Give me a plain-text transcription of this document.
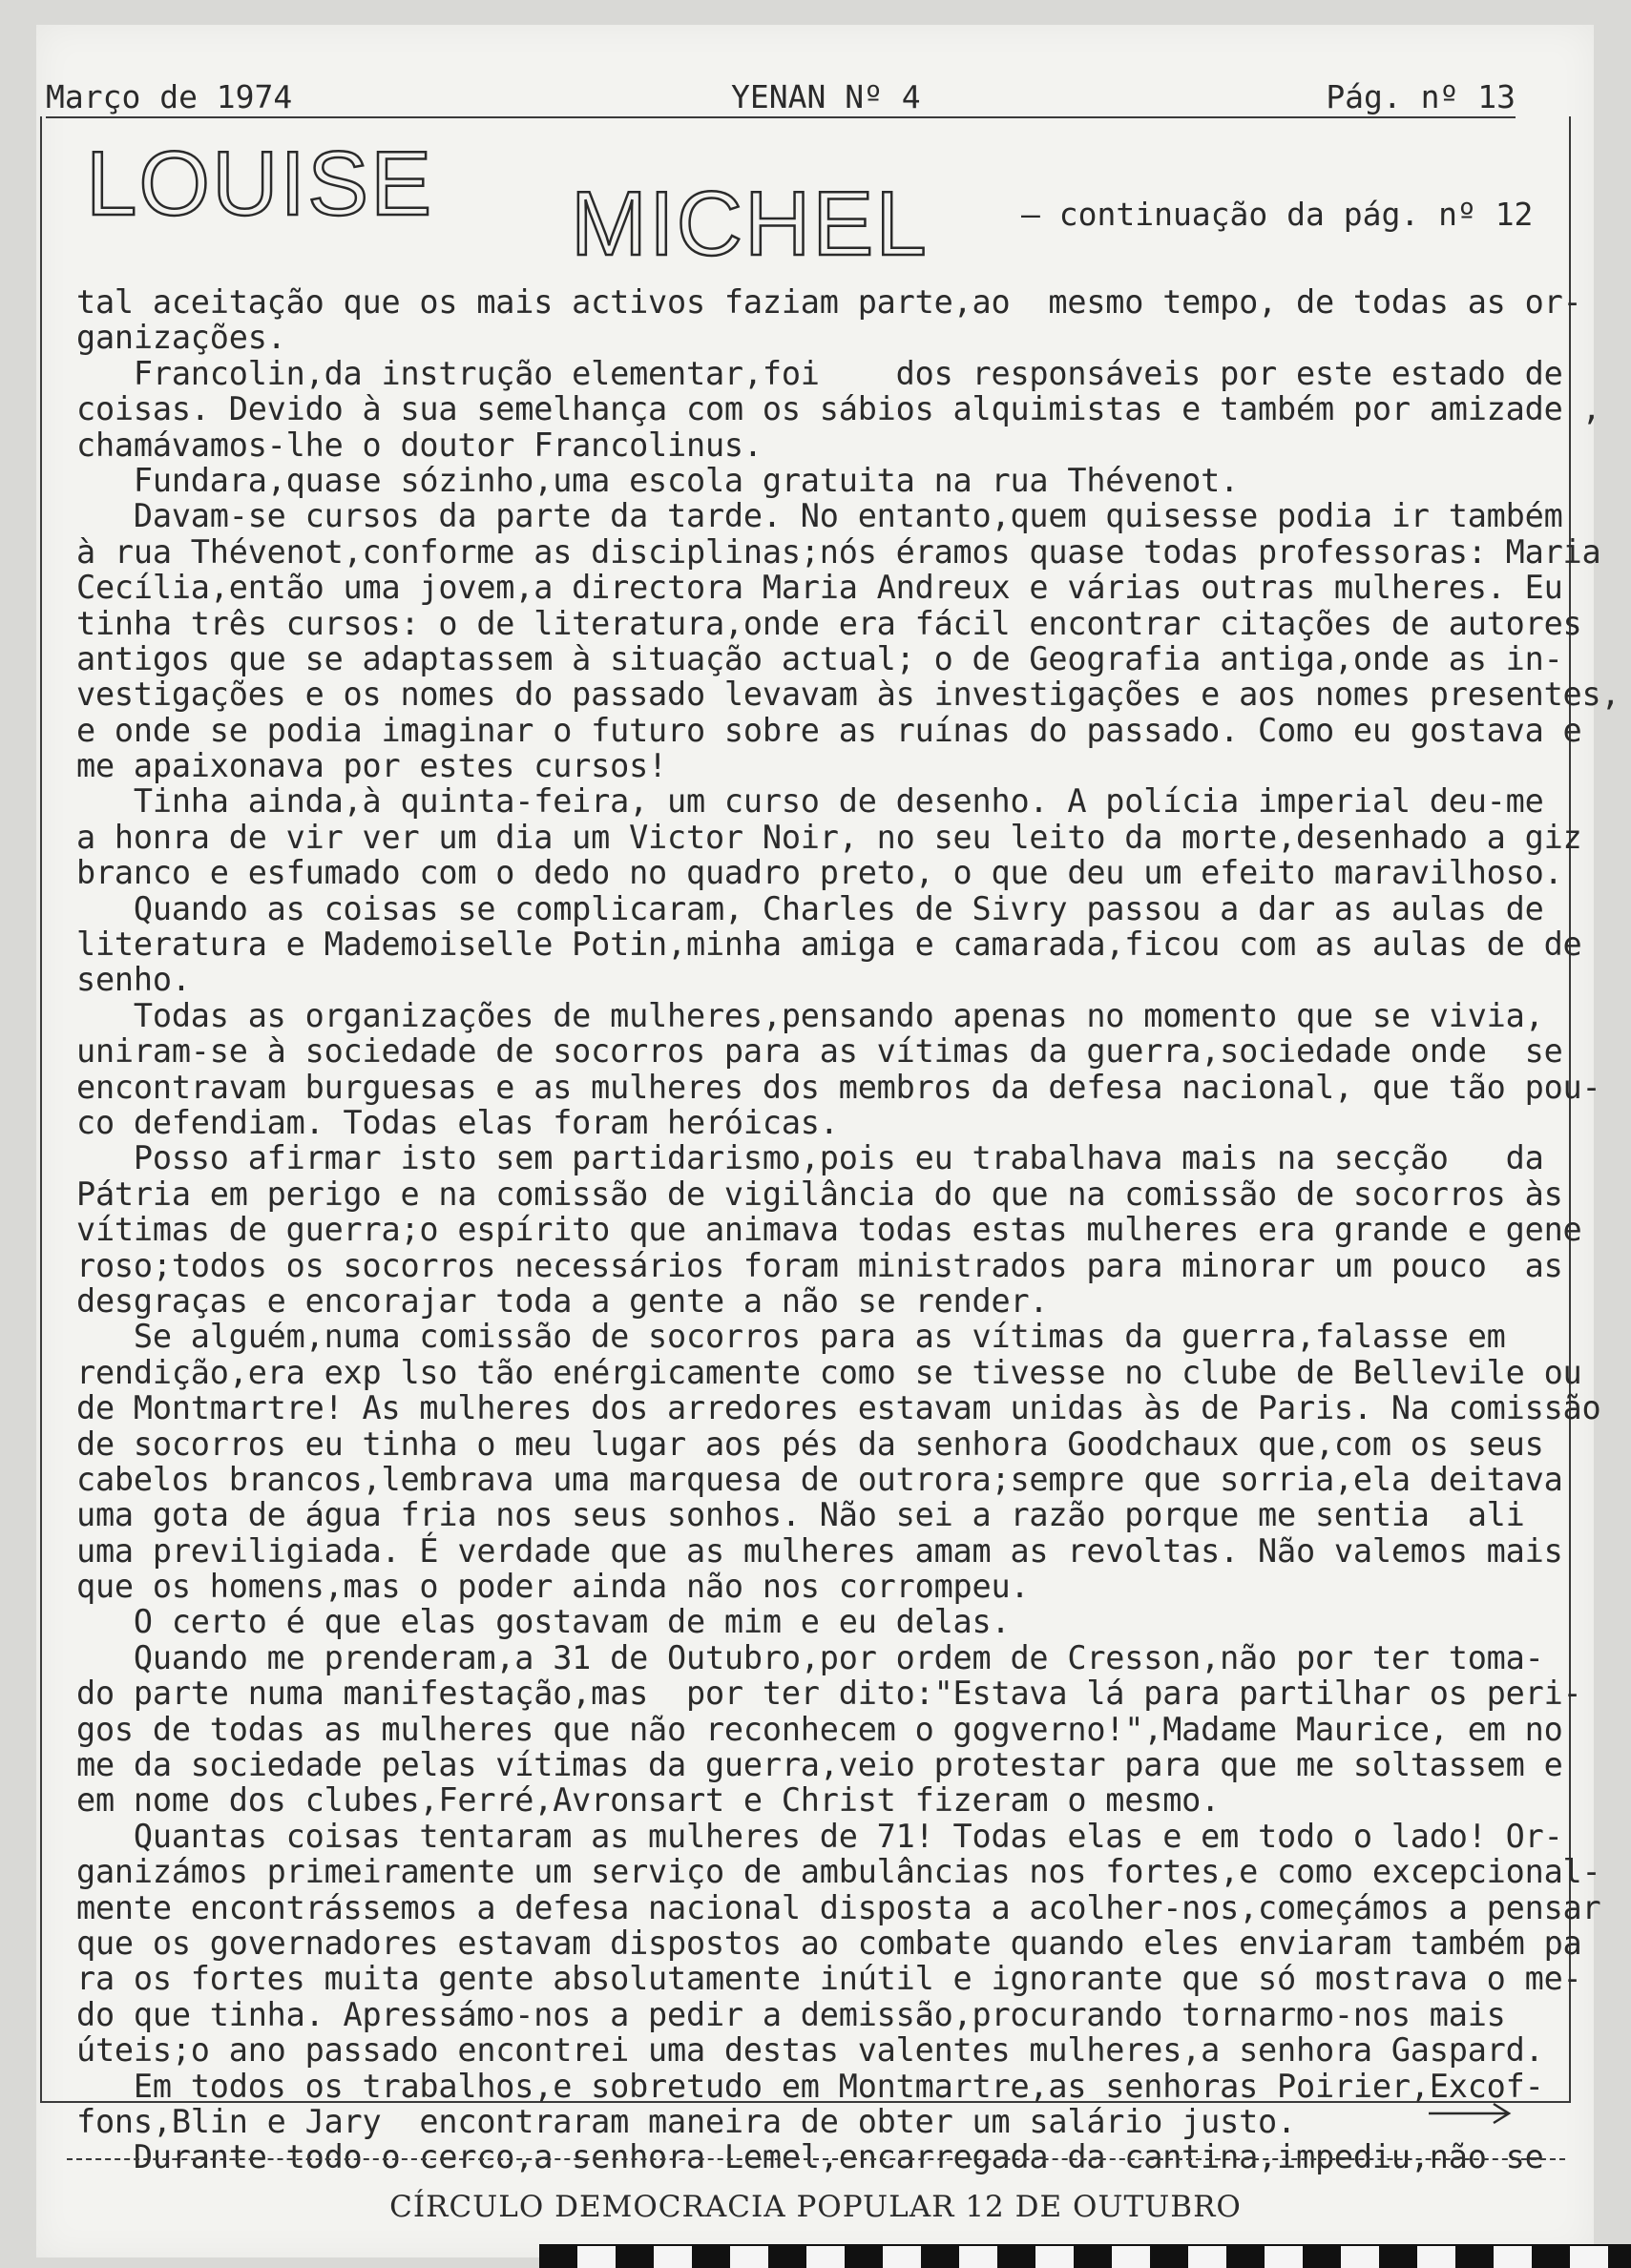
Março de 1974	YENAN Nº 4	Pág. nº 13
LOUISE MICHEL	— continuação da pág. nº 12
tal aceitação que os mais activos faziam parte,ao  mesmo tempo, de todas as or-
ganizações.
Francolin,da instrução elementar,foi    dos responsáveis por este estado de
coisas. Devido à sua semelhança com os sábios alquimistas e também por amizade ,
chamávamos-lhe o doutor Francolinus.
Fundara,quase sózinho,uma escola gratuita na rua Thévenot.
Davam-se cursos da parte da tarde. No entanto,quem quisesse podia ir também
à rua Thévenot,conforme as disciplinas;nós éramos quase todas professoras: Maria
Cecília,então uma jovem,a directora Maria Andreux e várias outras mulheres. Eu
tinha três cursos: o de literatura,onde era fácil encontrar citações de autores
antigos que se adaptassem à situação actual; o de Geografia antiga,onde as in-
vestigações e os nomes do passado levavam às investigações e aos nomes presentes,
e onde se podia imaginar o futuro sobre as ruínas do passado. Como eu gostava e
me apaixonava por estes cursos!
Tinha ainda,à quinta-feira, um curso de desenho. A polícia imperial deu-me
a honra de vir ver um dia um Victor Noir, no seu leito da morte,desenhado a giz
branco e esfumado com o dedo no quadro preto, o que deu um efeito maravilhoso.
Quando as coisas se complicaram, Charles de Sivry passou a dar as aulas de
literatura e Mademoiselle Potin,minha amiga e camarada,ficou com as aulas de de
senho.
Todas as organizações de mulheres,pensando apenas no momento que se vivia,
uniram-se à sociedade de socorros para as vítimas da guerra,sociedade onde  se
encontravam burguesas e as mulheres dos membros da defesa nacional, que tão pou-
co defendiam. Todas elas foram heróicas.
Posso afirmar isto sem partidarismo,pois eu trabalhava mais na secção   da
Pátria em perigo e na comissão de vigilância do que na comissão de socorros às
vítimas de guerra;o espírito que animava todas estas mulheres era grande e gene
roso;todos os socorros necessários foram ministrados para minorar um pouco  as
desgraças e encorajar toda a gente a não se render.
Se alguém,numa comissão de socorros para as vítimas da guerra,falasse em
rendição,era exp lso tão enérgicamente como se tivesse no clube de Bellevile ou
de Montmartre! As mulheres dos arredores estavam unidas às de Paris. Na comissão
de socorros eu tinha o meu lugar aos pés da senhora Goodchaux que,com os seus
cabelos brancos,lembrava uma marquesa de outrora;sempre que sorria,ela deitava
uma gota de água fria nos seus sonhos. Não sei a razão porque me sentia  ali
uma previligiada. É verdade que as mulheres amam as revoltas. Não valemos mais
que os homens,mas o poder ainda não nos corrompeu.
O certo é que elas gostavam de mim e eu delas.
Quando me prenderam,a 31 de Outubro,por ordem de Cresson,não por ter toma-
do parte numa manifestação,mas  por ter dito:"Estava lá para partilhar os peri-
gos de todas as mulheres que não reconhecem o gogverno!",Madame Maurice, em no
me da sociedade pelas vítimas da guerra,veio protestar para que me soltassem e
em nome dos clubes,Ferré,Avronsart e Christ fizeram o mesmo.
Quantas coisas tentaram as mulheres de 71! Todas elas e em todo o lado! Or-
ganizámos primeiramente um serviço de ambulâncias nos fortes,e como excepcional-
mente encontrássemos a defesa nacional disposta a acolher-nos,começámos a pensar
que os governadores estavam dispostos ao combate quando eles enviaram também pa
ra os fortes muita gente absolutamente inútil e ignorante que só mostrava o me-
do que tinha. Apressámo-nos a pedir a demissão,procurando tornarmo-nos mais
úteis;o ano passado encontrei uma destas valentes mulheres,a senhora Gaspard.
Em todos os trabalhos,e sobretudo em Montmartre,as senhoras Poirier,Excof-
fons,Blin e Jary  encontraram maneira de obter um salário justo.
Durante todo o cerco,a senhora Lemel,encarregada da cantina,impediu,não se
CÍRCULO DEMOCRACIA POPULAR 12 DE OUTUBRO
